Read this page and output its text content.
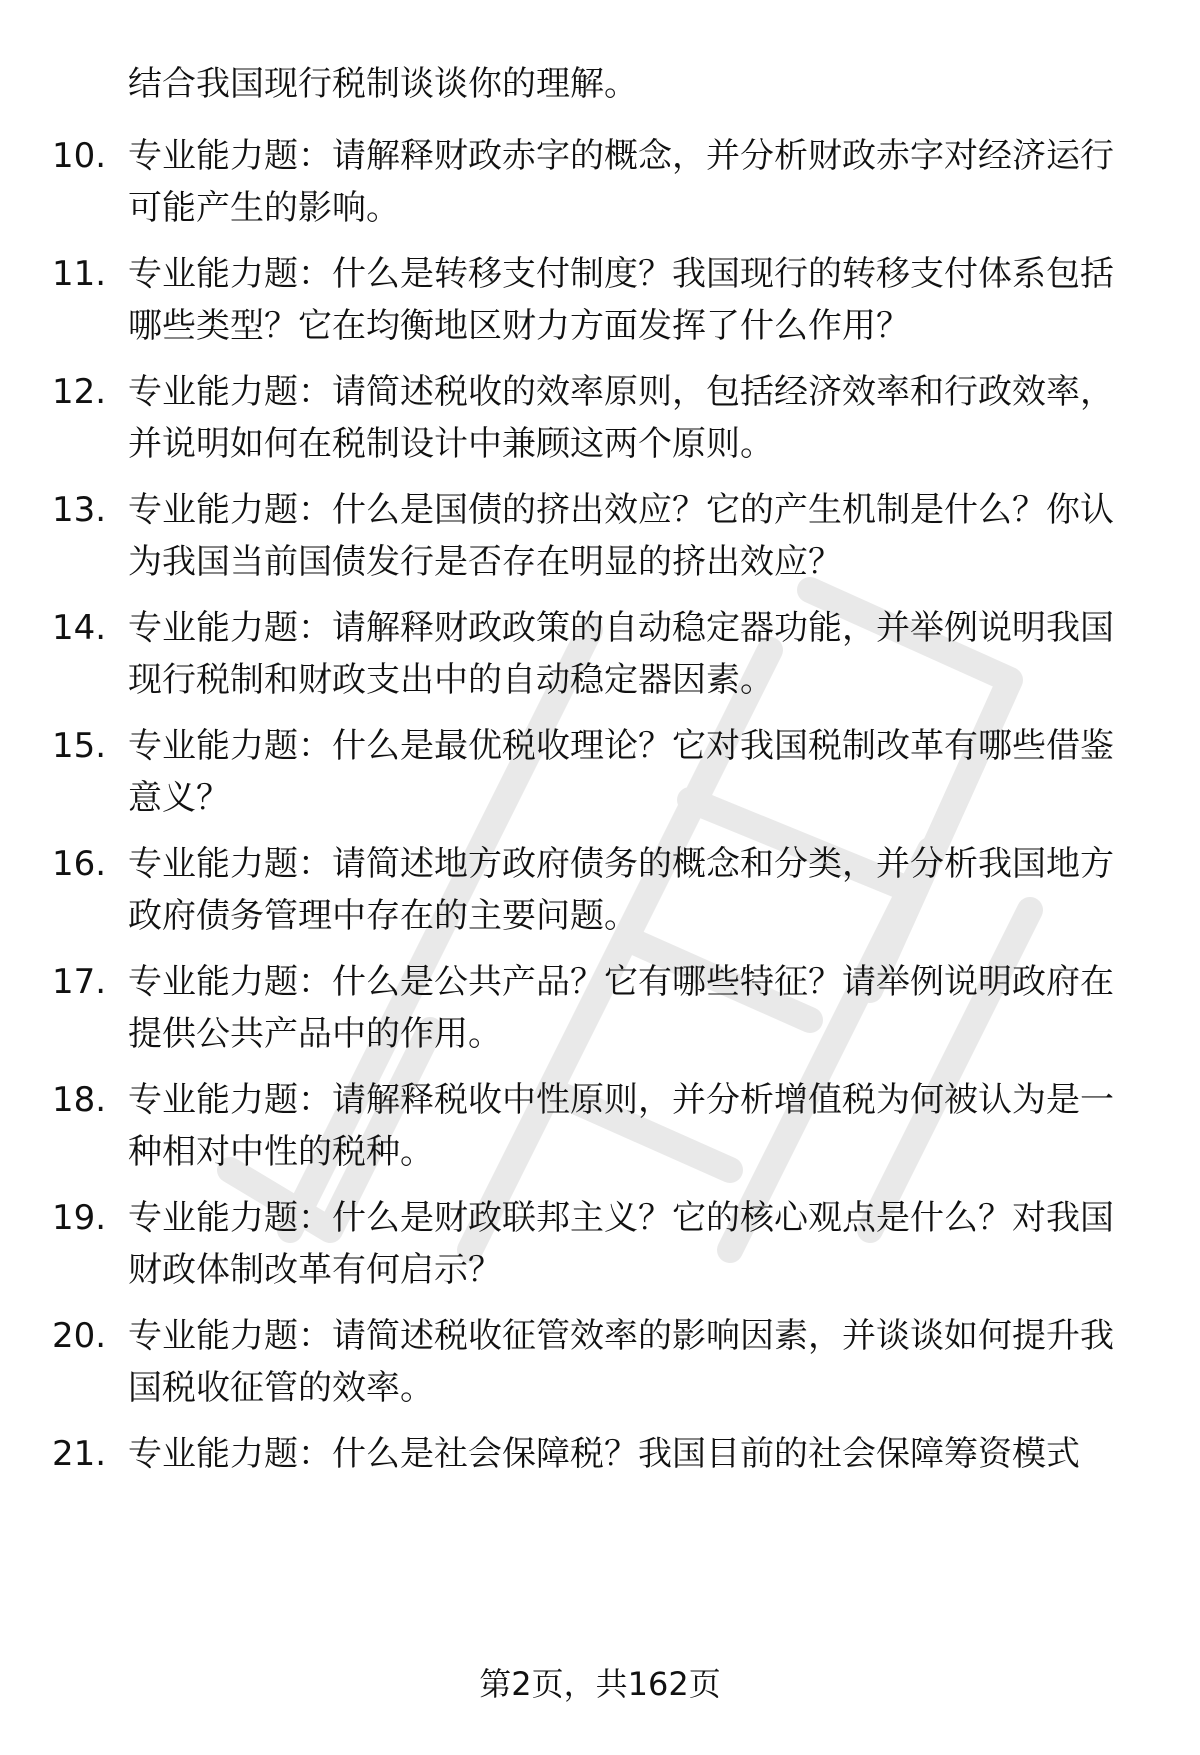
结合我国现行税制谈谈你的理解。

10. 专业能力题：请解释财政赤字的概念，并分析财政赤字对经济运行可能产生的影响。

11. 专业能力题：什么是转移支付制度？我国现行的转移支付体系包括哪些类型？它在均衡地区财力方面发挥了什么作用？

12. 专业能力题：请简述税收的效率原则，包括经济效率和行政效率，并说明如何在税制设计中兼顾这两个原则。

13. 专业能力题：什么是国债的挤出效应？它的产生机制是什么？你认为我国当前国债发行是否存在明显的挤出效应？

14. 专业能力题：请解释财政政策的自动稳定器功能，并举例说明我国现行税制和财政支出中的自动稳定器因素。

15. 专业能力题：什么是最优税收理论？它对我国税制改革有哪些借鉴意义？

16. 专业能力题：请简述地方政府债务的概念和分类，并分析我国地方政府债务管理中存在的主要问题。

17. 专业能力题：什么是公共产品？它有哪些特征？请举例说明政府在提供公共产品中的作用。

18. 专业能力题：请解释税收中性原则，并分析增值税为何被认为是一种相对中性的税种。

19. 专业能力题：什么是财政联邦主义？它的核心观点是什么？对我国财政体制改革有何启示？

20. 专业能力题：请简述税收征管效率的影响因素，并谈谈如何提升我国税收征管的效率。

21. 专业能力题：什么是社会保障税？我国目前的社会保障筹资模式

第2页，共162页
